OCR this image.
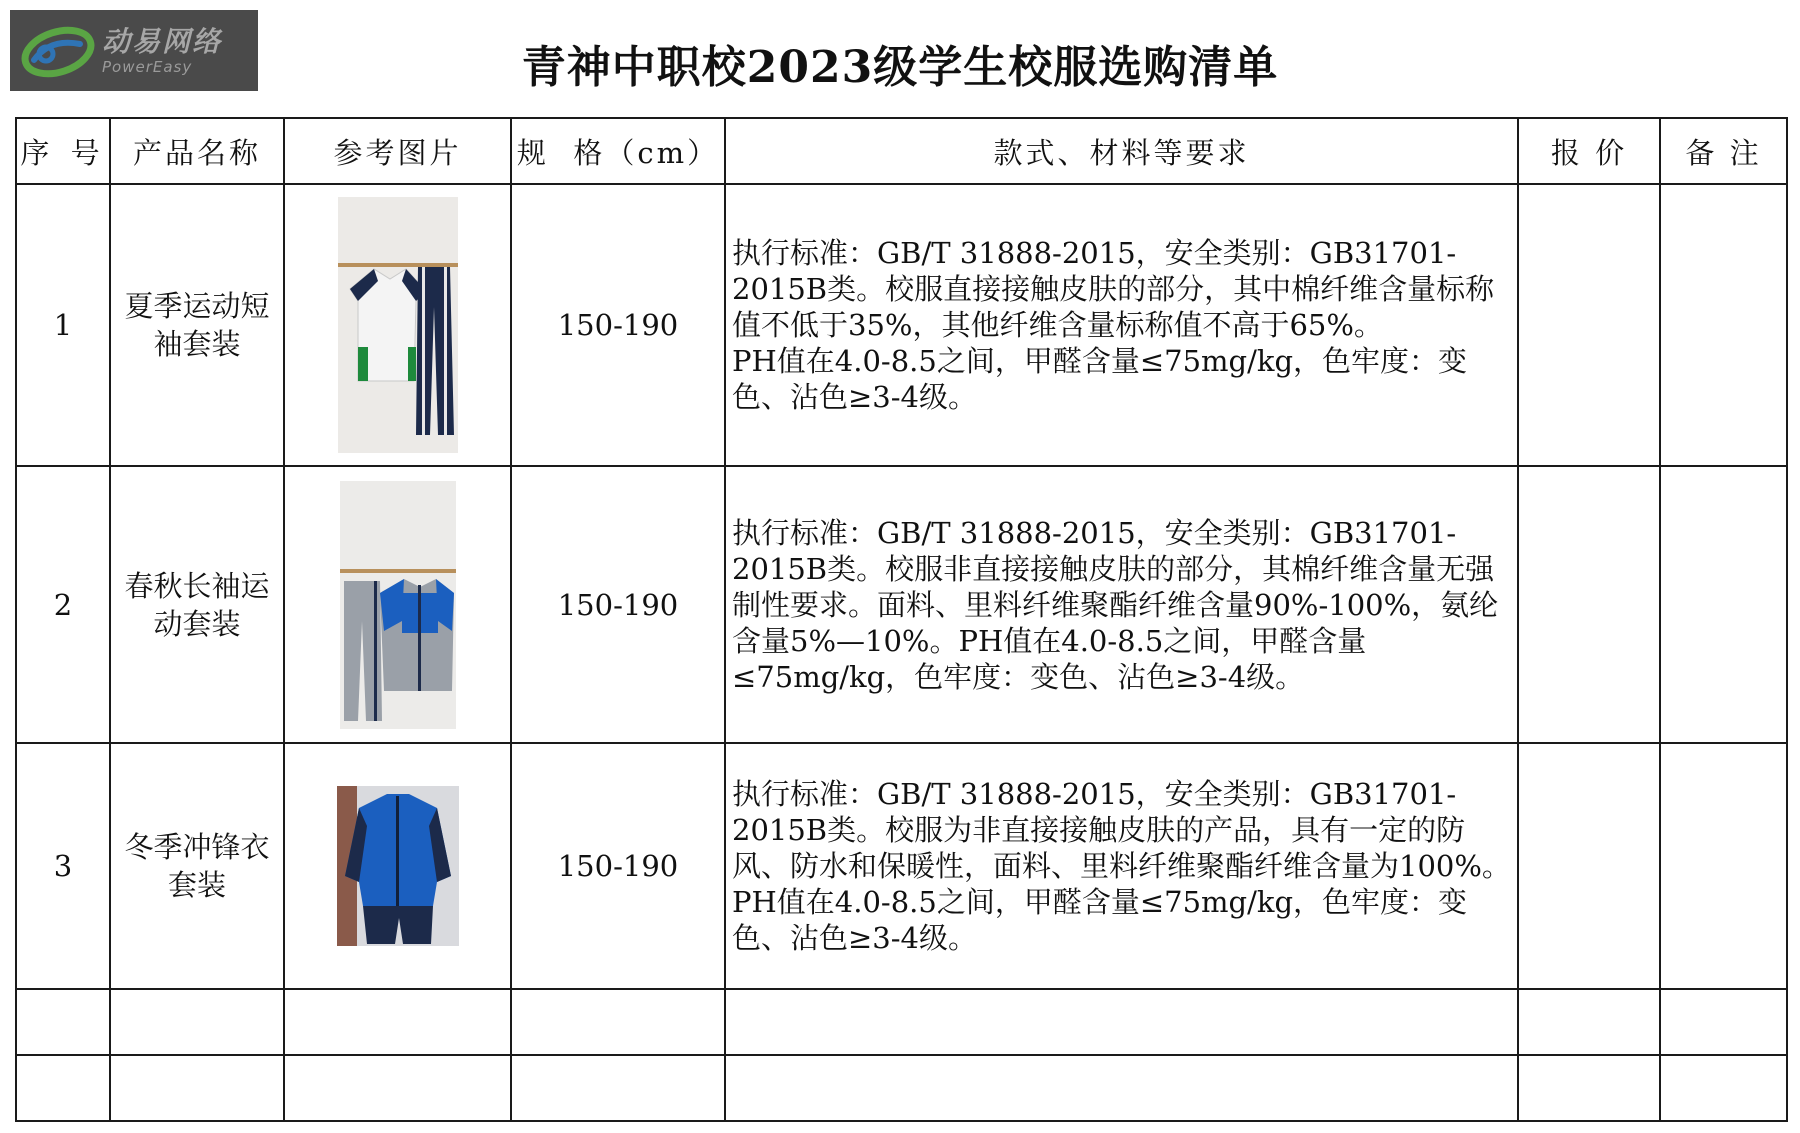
动易网络
PowerEasy	青神中职校2023级学生校服选购清单
序 号	产品名称	参考图片	规  格（cm）	款式、材料等要求	报 价	备 注
1	夏季运动短袖套装		150-190	执行标准：GB/T 31888-2015，安全类别：GB31701-2015B类。校服直接接触皮肤的部分，其中棉纤维含量标称值不低于35%，其他纤维含量标称值不高于65%。
PH值在4.0-8.5之间，甲醛含量≤75mg/kg，色牢度：变色、沾色≥3-4级。		
2	春秋长袖运动套装		150-190	执行标准：GB/T 31888-2015，安全类别：GB31701-2015B类。校服非直接接触皮肤的部分，其棉纤维含量无强制性要求。面料、里料纤维聚酯纤维含量90%-100%，氨纶含量5%—10%。PH值在4.0-8.5之间，甲醛含量≤75mg/kg，色牢度：变色、沾色≥3-4级。		
3	冬季冲锋衣套装		150-190	执行标准：GB/T 31888-2015，安全类别：GB31701-2015B类。校服为非直接接触皮肤的产品，具有一定的防风、防水和保暖性，面料、里料纤维聚酯纤维含量为100%。
PH值在4.0-8.5之间，甲醛含量≤75mg/kg，色牢度：变色、沾色≥3-4级。		
